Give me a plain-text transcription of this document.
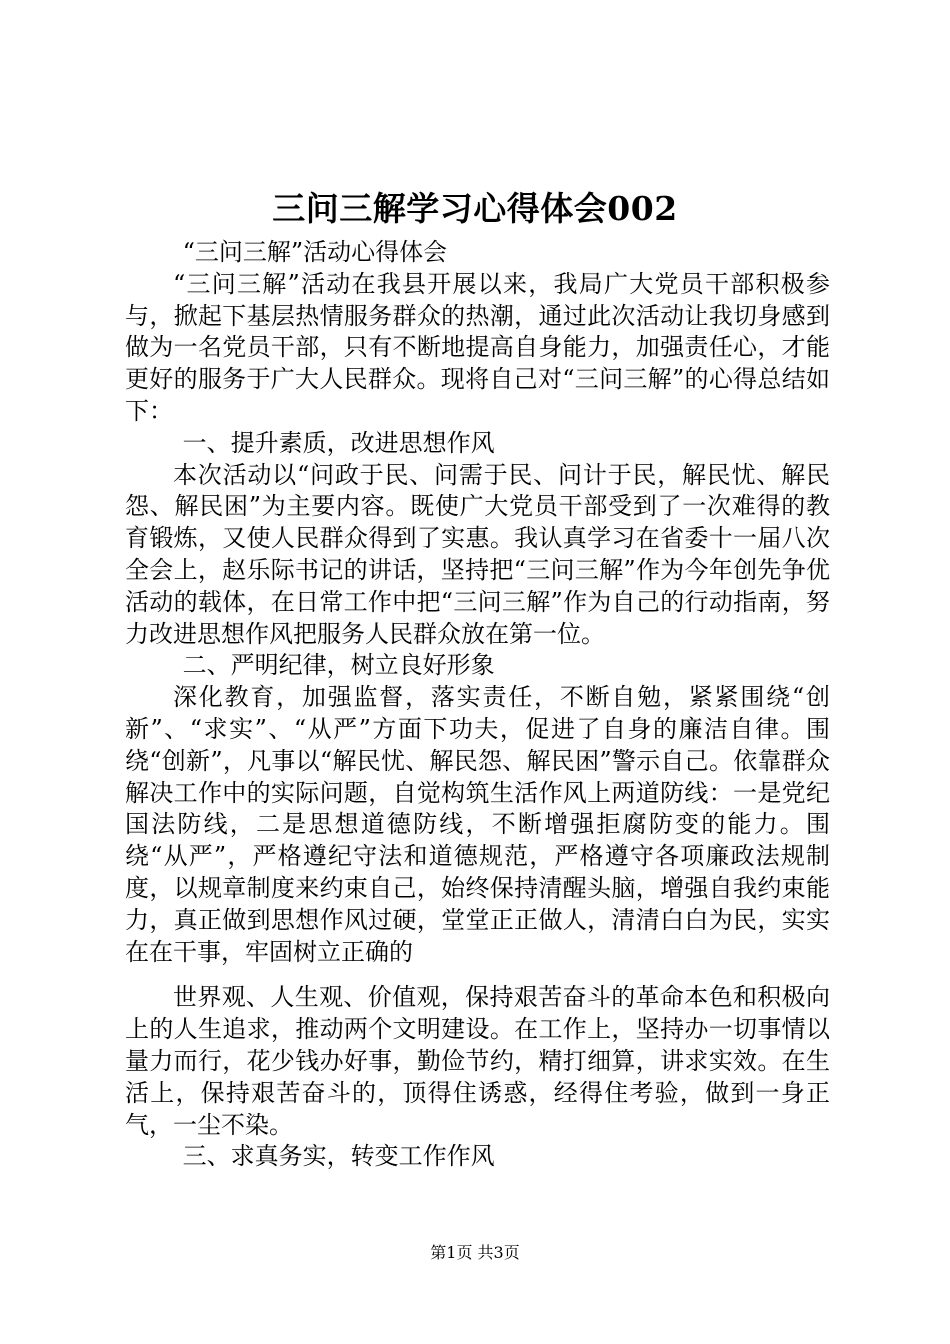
三问三解学习心得体会002

“三问三解”活动心得体会

“三问三解”活动在我县开展以来，我局广大党员干部积极参与，掀起下基层热情服务群众的热潮，通过此次活动让我切身感到做为一名党员干部，只有不断地提高自身能力，加强责任心，才能更好的服务于广大人民群众。现将自己对“三问三解”的心得总结如下：

一、提升素质，改进思想作风

本次活动以“问政于民、问需于民、问计于民，解民忧、解民怨、解民困”为主要内容。既使广大党员干部受到了一次难得的教育锻炼，又使人民群众得到了实惠。我认真学习在省委十一届八次全会上，赵乐际书记的讲话，坚持把“三问三解”作为今年创先争优活动的载体，在日常工作中把“三问三解”作为自己的行动指南，努力改进思想作风把服务人民群众放在第一位。

二、严明纪律，树立良好形象

深化教育，加强监督，落实责任，不断自勉，紧紧围绕“创新”、“求实”、“从严”方面下功夫，促进了自身的廉洁自律。围绕“创新”，凡事以“解民忧、解民怨、解民困”警示自己。依靠群众解决工作中的实际问题，自觉构筑生活作风上两道防线：一是党纪国法防线，二是思想道德防线，不断增强拒腐防变的能力。围绕“从严”，严格遵纪守法和道德规范，严格遵守各项廉政法规制度，以规章制度来约束自己，始终保持清醒头脑，增强自我约束能力，真正做到思想作风过硬，堂堂正正做人，清清白白为民，实实在在干事，牢固树立正确的

世界观、人生观、价值观，保持艰苦奋斗的革命本色和积极向上的人生追求，推动两个文明建设。在工作上，坚持办一切事情以量力而行，花少钱办好事，勤俭节约，精打细算，讲求实效。在生活上，保持艰苦奋斗的，顶得住诱惑，经得住考验，做到一身正气，一尘不染。

三、求真务实，转变工作作风

第1页 共3页
